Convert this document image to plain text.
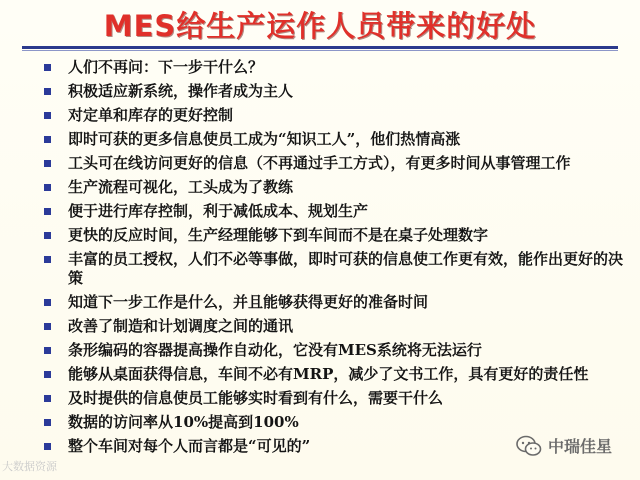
MES给生产运作人员带来的好处
人们不再问：下一步干什么？
积极适应新系统，操作者成为主人
对定单和库存的更好控制
即时可获的更多信息使员工成为“知识工人”，他们热情高涨
工头可在线访问更好的信息（不再通过手工方式），有更多时间从事管理工作
生产流程可视化，工头成为了教练
便于进行库存控制，利于减低成本、规划生产
更快的反应时间，生产经理能够下到车间而不是在桌子处理数字
丰富的员工授权，人们不必等事做，即时可获的信息使工作更有效，能作出更好的决策
知道下一步工作是什么，并且能够获得更好的准备时间
改善了制造和计划调度之间的通讯
条形编码的容器提高操作自动化，它没有MES系统将无法运行
能够从桌面获得信息，车间不必有MRP，减少了文书工作，具有更好的责任性
及时提供的信息使员工能够实时看到有什么，需要干什么
数据的访问率从10%提高到100%
整个车间对每个人而言都是“可见的”
大数据资源
中瑞佳星
